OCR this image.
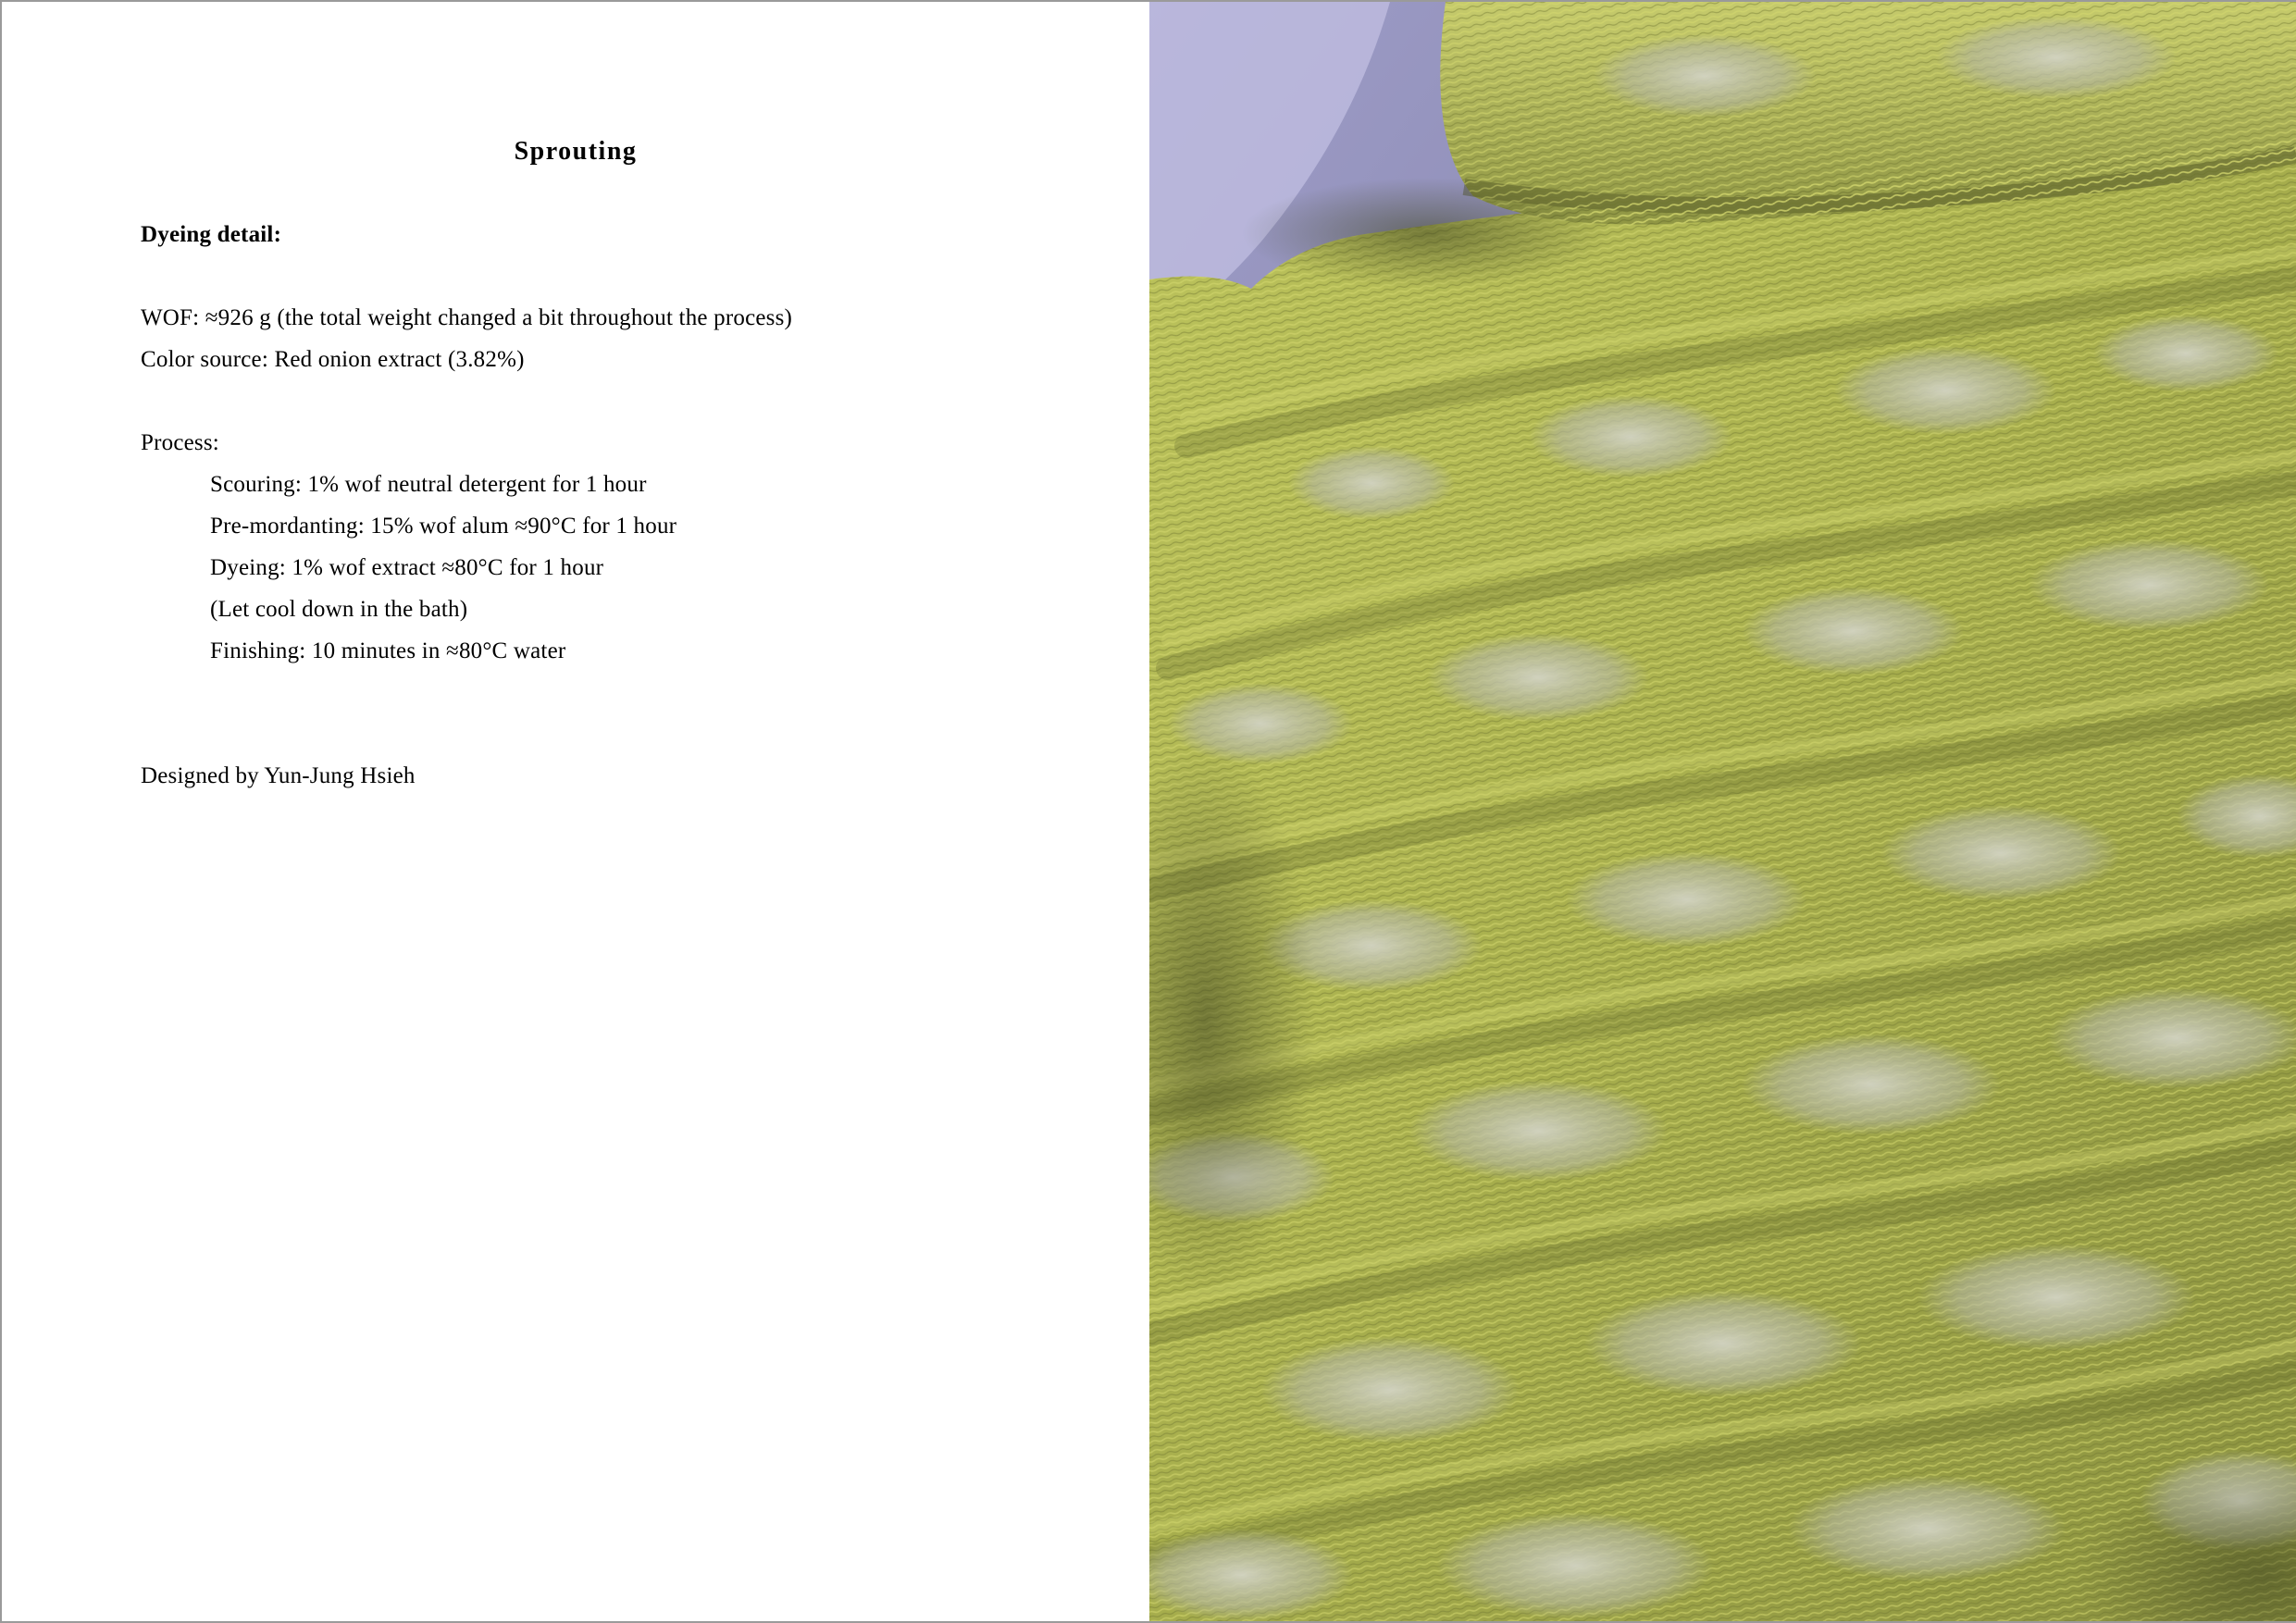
Sprouting
Dyeing detail:
WOF: ≈926 g (the total weight changed a bit throughout the process)
Color source: Red onion extract (3.82%)
Process:
Scouring: 1% wof neutral detergent for 1 hour
Pre-mordanting: 15% wof alum ≈90°C for 1 hour
Dyeing: 1% wof extract ≈80°C for 1 hour
(Let cool down in the bath)
Finishing: 10 minutes in ≈80°C water
Designed by Yun-Jung Hsieh
